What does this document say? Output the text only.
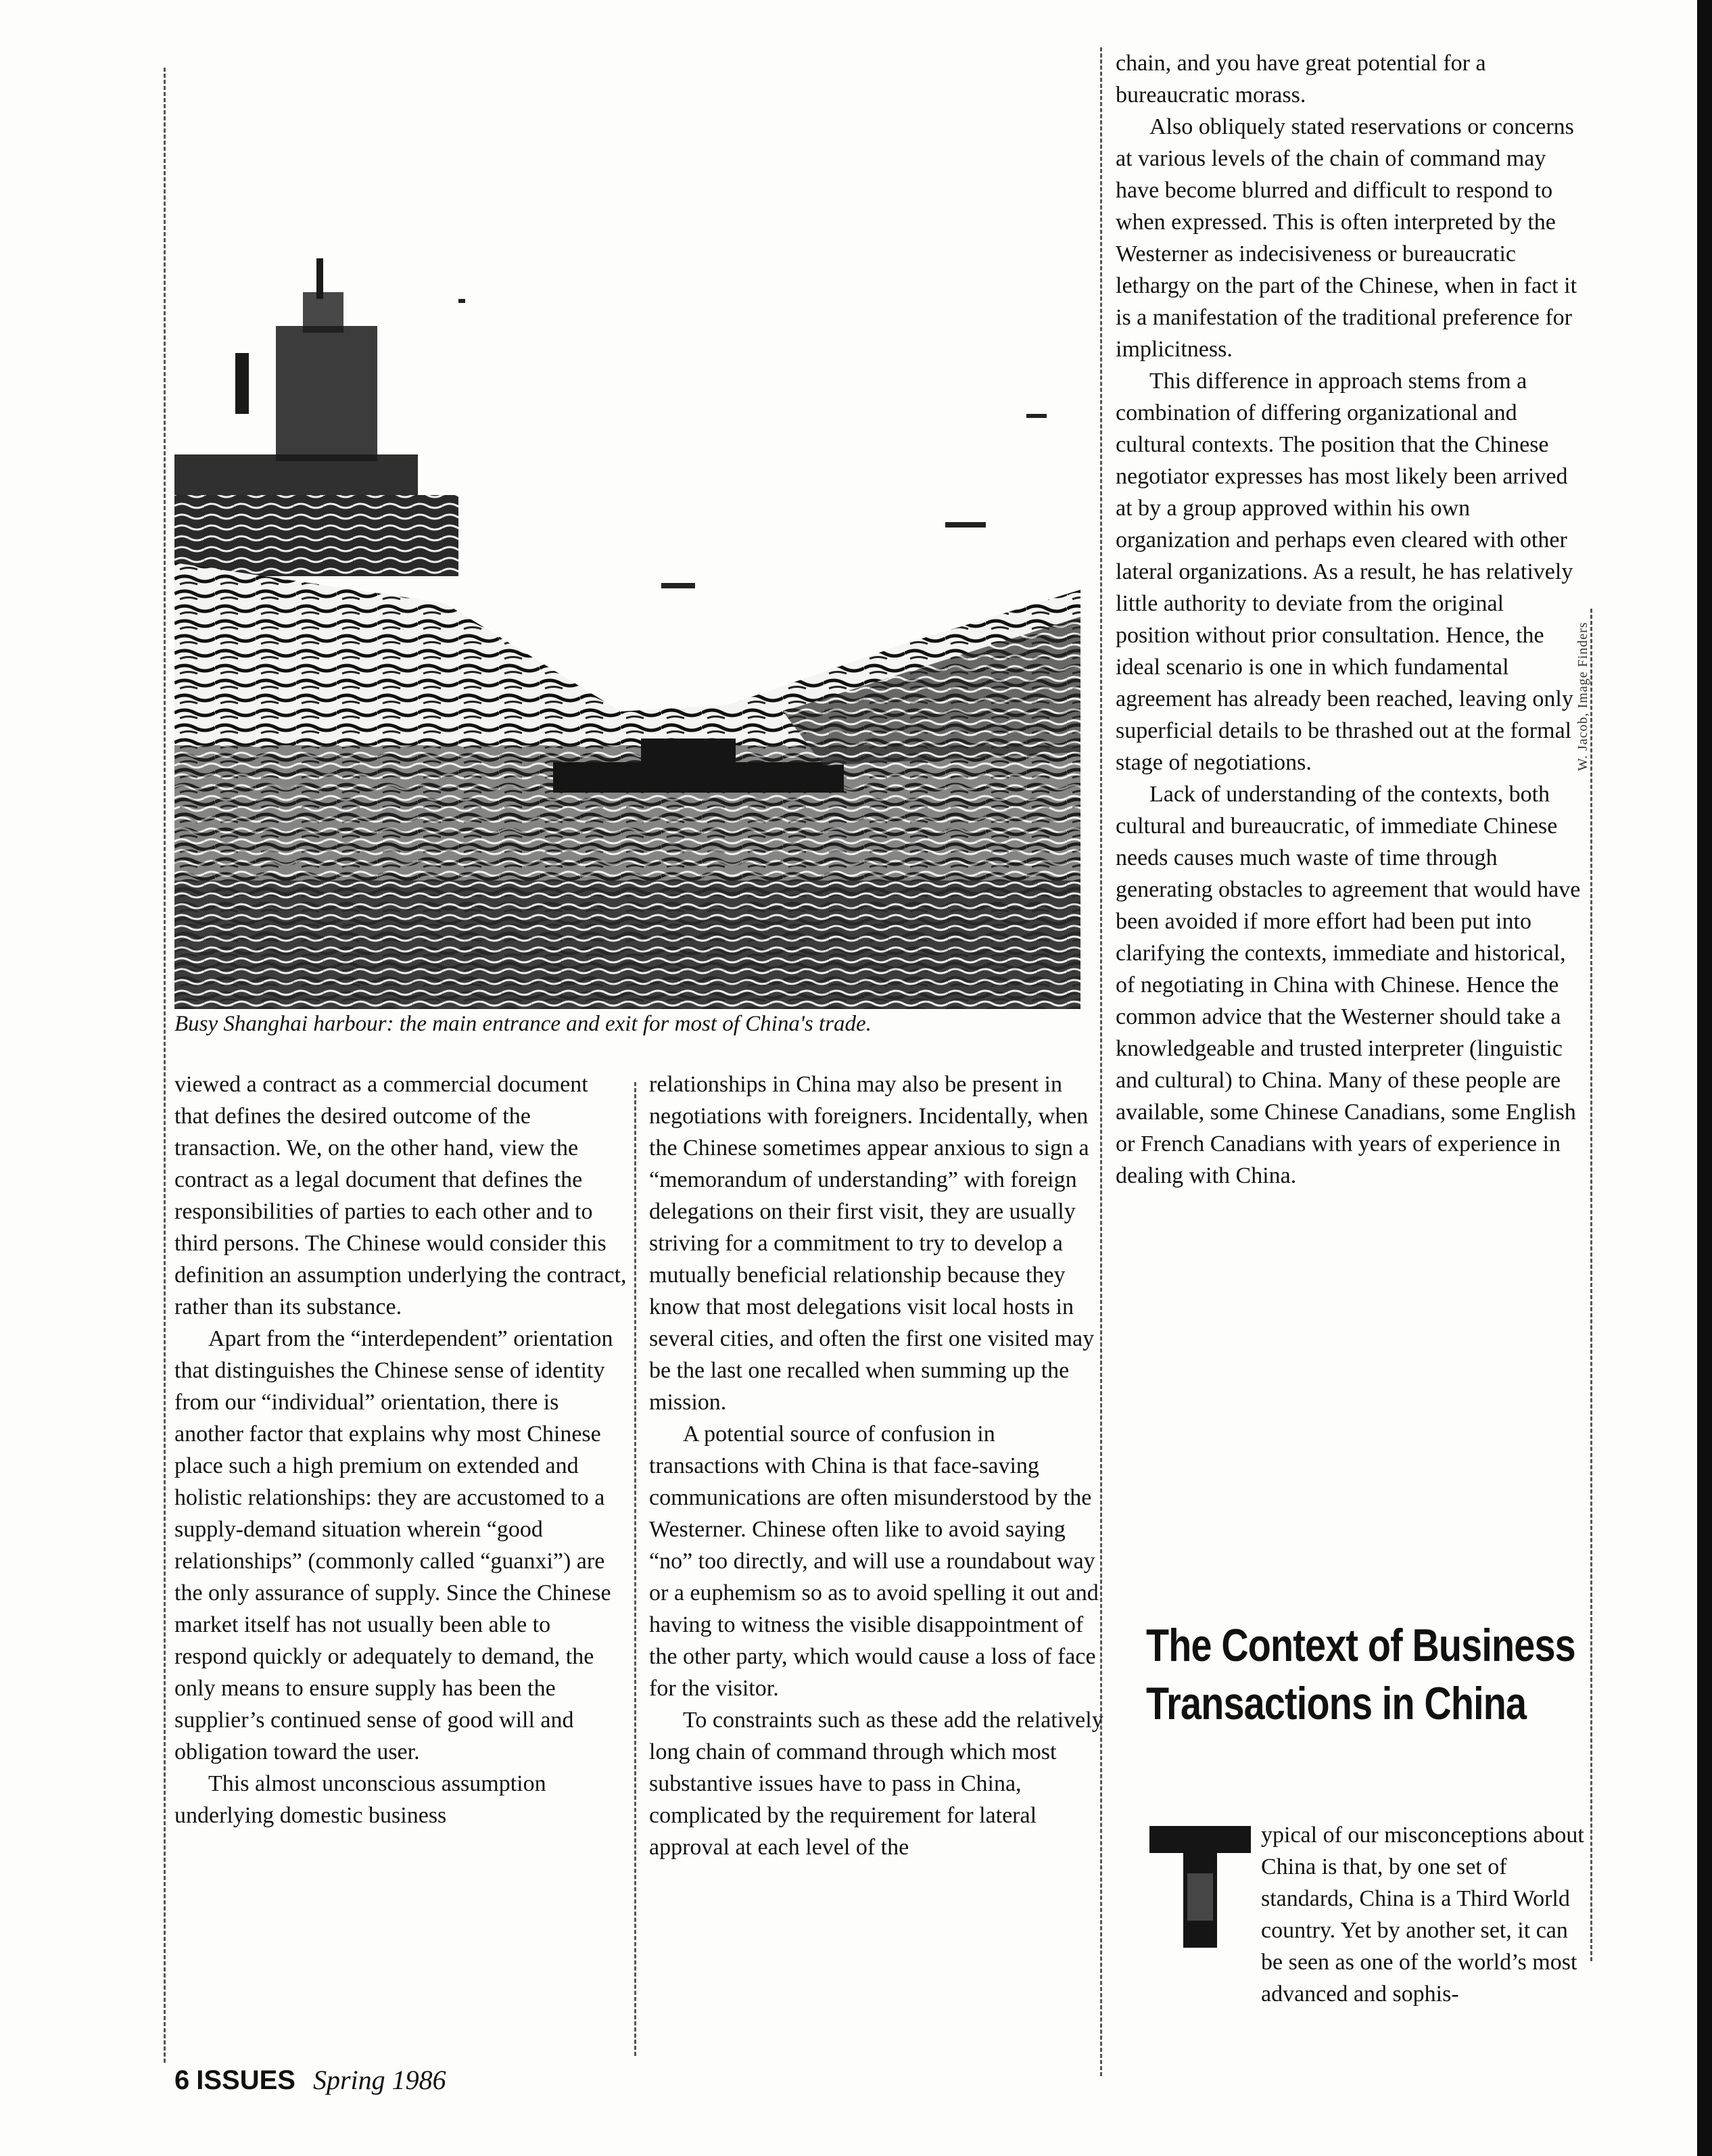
Busy Shanghai harbour: the main entrance and exit for most of China's trade.
W. Jacob, Image Finders

viewed a contract as a commercial document that defines the desired outcome of the transaction. We, on the other hand, view the contract as a legal document that defines the responsibilities of parties to each other and to third persons. The Chinese would consider this definition an assumption underlying the contract, rather than its substance.

Apart from the “interdependent” orientation that distinguishes the Chinese sense of identity from our “individual” orientation, there is another factor that explains why most Chinese place such a high premium on extended and holistic relationships: they are accustomed to a supply-demand situation wherein “good relationships” (commonly called “guanxi”) are the only assurance of supply. Since the Chinese market itself has not usually been able to respond quickly or adequately to demand, the only means to ensure supply has been the supplier’s continued sense of good will and obligation toward the user.

This almost unconscious assumption underlying domestic business

relationships in China may also be present in negotiations with foreigners. Incidentally, when the Chinese sometimes appear anxious to sign a “memorandum of understanding” with foreign delegations on their first visit, they are usually striving for a commitment to try to develop a mutually beneficial relationship because they know that most delegations visit local hosts in several cities, and often the first one visited may be the last one recalled when summing up the mission.

A potential source of confusion in transactions with China is that face-saving communications are often misunderstood by the Westerner. Chinese often like to avoid saying “no” too directly, and will use a roundabout way or a euphemism so as to avoid spelling it out and having to witness the visible disappointment of the other party, which would cause a loss of face for the visitor.

To constraints such as these add the relatively long chain of command through which most substantive issues have to pass in China, complicated by the requirement for lateral approval at each level of the

chain, and you have great potential for a bureaucratic morass.

Also obliquely stated reservations or concerns at various levels of the chain of command may have become blurred and difficult to respond to when expressed. This is often interpreted by the Westerner as indecisiveness or bureaucratic lethargy on the part of the Chinese, when in fact it is a manifestation of the traditional preference for implicitness.

This difference in approach stems from a combination of differing organizational and cultural contexts. The position that the Chinese negotiator expresses has most likely been arrived at by a group approved within his own organization and perhaps even cleared with other lateral organizations. As a result, he has relatively little authority to deviate from the original position without prior consultation. Hence, the ideal scenario is one in which fundamental agreement has already been reached, leaving only superficial details to be thrashed out at the formal stage of negotiations.

Lack of understanding of the contexts, both cultural and bureaucratic, of immediate Chinese needs causes much waste of time through generating obstacles to agreement that would have been avoided if more effort had been put into clarifying the contexts, immediate and historical, of negotiating in China with Chinese. Hence the common advice that the Westerner should take a knowledgeable and trusted interpreter (linguistic and cultural) to China. Many of these people are available, some Chinese Canadians, some English or French Canadians with years of experience in dealing with China.

The Context of Business Transactions in China
T
ypical of our misconceptions about China is that, by one set of standards, China is a Third World country. Yet by another set, it can be seen as one of the world’s most advanced and sophis-
6 ISSUES Spring 1986
